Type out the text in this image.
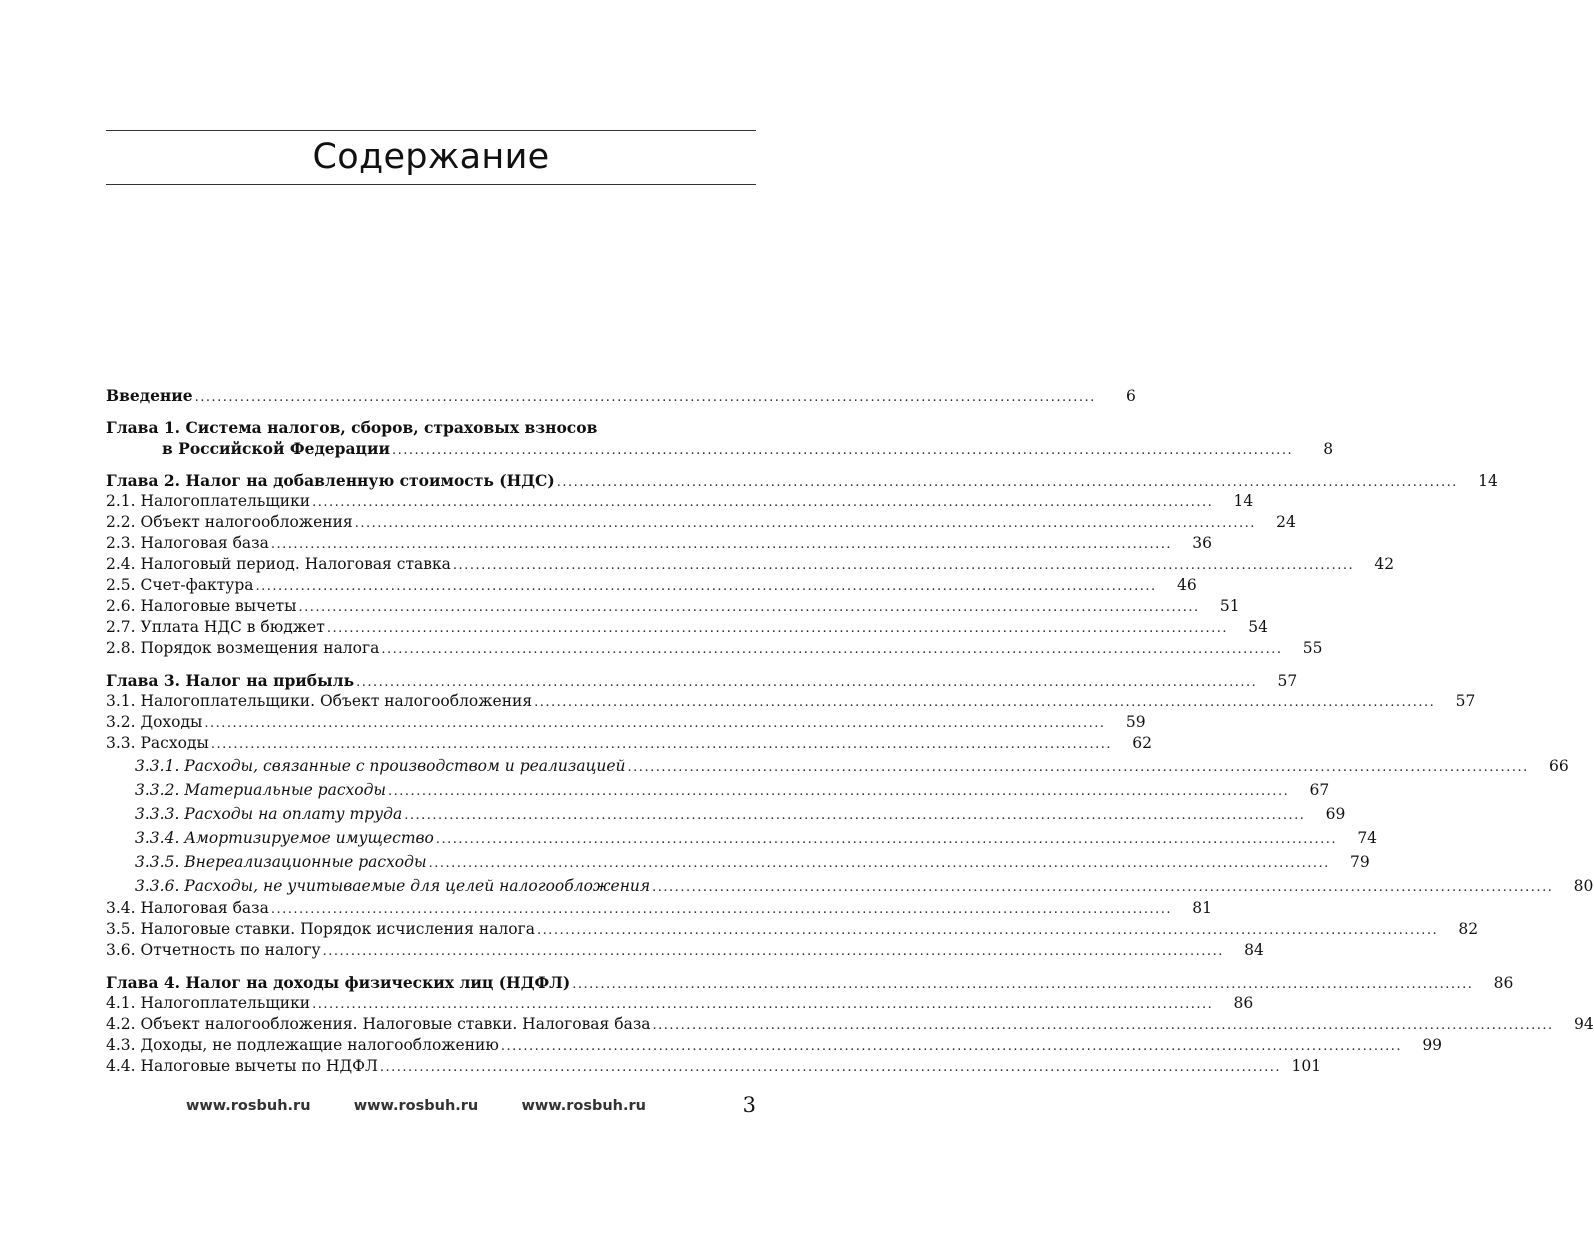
Содержание
Введение ................................................................................................................................................................	6
Глава 1. Система налогов, сборов, страховых взносов
в Российской Федерации ................................................................................................................................................................	8
Глава 2. Налог на добавленную стоимость (НДС) ................................................................................................................................................................	14
2.1. Налогоплательщики ................................................................................................................................................................	14
2.2. Объект налогообложения ................................................................................................................................................................	24
2.3. Налоговая база ................................................................................................................................................................	36
2.4. Налоговый период. Налоговая ставка ................................................................................................................................................................	42
2.5. Счет-фактура ................................................................................................................................................................	46
2.6. Налоговые вычеты ................................................................................................................................................................	51
2.7. Уплата НДС в бюджет ................................................................................................................................................................	54
2.8. Порядок возмещения налога ................................................................................................................................................................	55
Глава 3. Налог на прибыль ................................................................................................................................................................	57
3.1. Налогоплательщики. Объект налогообложения ................................................................................................................................................................	57
3.2. Доходы ................................................................................................................................................................	59
3.3. Расходы ................................................................................................................................................................	62
3.3.1. Расходы, связанные с производством и реализацией ................................................................................................................................................................	66
3.3.2. Материальные расходы ................................................................................................................................................................	67
3.3.3. Расходы на оплату труда ................................................................................................................................................................	69
3.3.4. Амортизируемое имущество ................................................................................................................................................................	74
3.3.5. Внереализационные расходы ................................................................................................................................................................	79
3.3.6. Расходы, не учитываемые для целей налогообложения ................................................................................................................................................................	80
3.4. Налоговая база ................................................................................................................................................................	81
3.5. Налоговые ставки. Порядок исчисления налога ................................................................................................................................................................	82
3.6. Отчетность по налогу ................................................................................................................................................................	84
Глава 4. Налог на доходы физических лиц (НДФЛ) ................................................................................................................................................................	86
4.1. Налогоплательщики ................................................................................................................................................................	86
4.2. Объект налогообложения. Налоговые ставки. Налоговая база ................................................................................................................................................................	94
4.3. Доходы, не подлежащие налогообложению ................................................................................................................................................................	99
4.4. Налоговые вычеты по НДФЛ ................................................................................................................................................................ 101
www.rosbuh.ru	www.rosbuh.ru	www.rosbuh.ru	3
